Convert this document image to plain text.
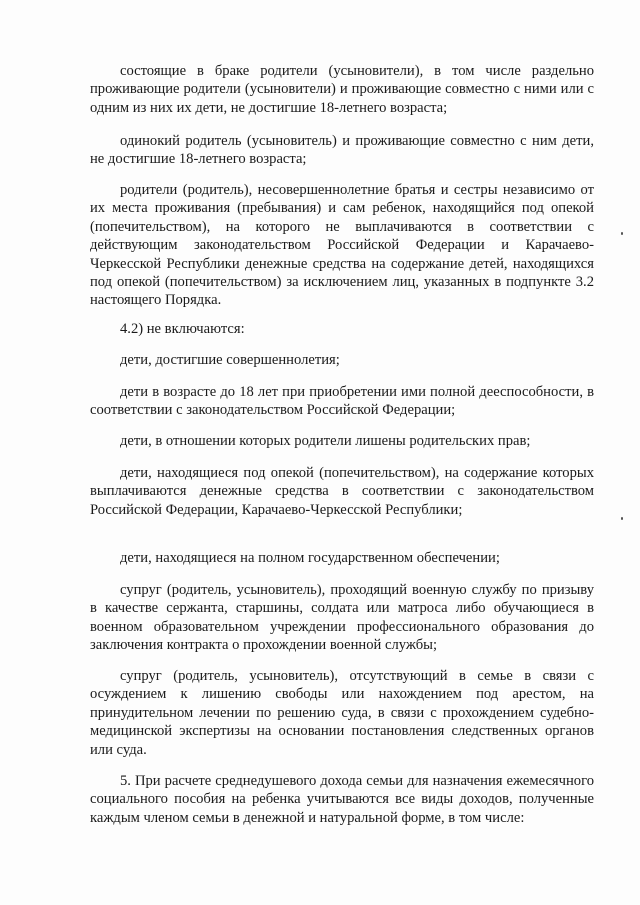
состоящие в браке родители (усыновители), в том числе раздельно проживающие родители (усыновители) и проживающие совместно с ними или с одним из них их дети, не достигшие 18-летнего возраста;

одинокий родитель (усыновитель) и проживающие совместно с ним дети, не достигшие 18-летнего возраста;

родители (родитель), несовершеннолетние братья и сестры независимо от их места проживания (пребывания) и сам ребенок, находящийся под опекой (попечительством), на которого не выплачиваются в соответствии с действующим законодательством Российской Федерации и Карачаево-Черкесской Республики денежные средства на содержание детей, находящихся под опекой (попечительством) за исключением лиц, указанных в подпункте 3.2 настоящего Порядка.

4.2) не включаются:

дети, достигшие совершеннолетия;

дети в возрасте до 18 лет при приобретении ими полной дееспособности, в соответствии с законодательством Российской Федерации;

дети, в отношении которых родители лишены родительских прав;

дети, находящиеся под опекой (попечительством), на содержание которых выплачиваются денежные средства в соответствии с законодательством Российской Федерации, Карачаево-Черкесской Республики;

дети, находящиеся на полном государственном обеспечении;

супруг (родитель, усыновитель), проходящий военную службу по призыву в качестве сержанта, старшины, солдата или матроса либо обучающиеся в военном образовательном учреждении профессионального образования до заключения контракта о прохождении военной службы;

супруг (родитель, усыновитель), отсутствующий в семье в связи с осуждением к лишению свободы или нахождением под арестом, на принудительном лечении по решению суда, в связи с прохождением судебно-медицинской экспертизы на основании постановления следственных органов или суда.

5. При расчете среднедушевого дохода семьи для назначения ежемесячного социального пособия на ребенка учитываются все виды доходов, полученные каждым членом семьи в денежной и натуральной форме, в том числе:
